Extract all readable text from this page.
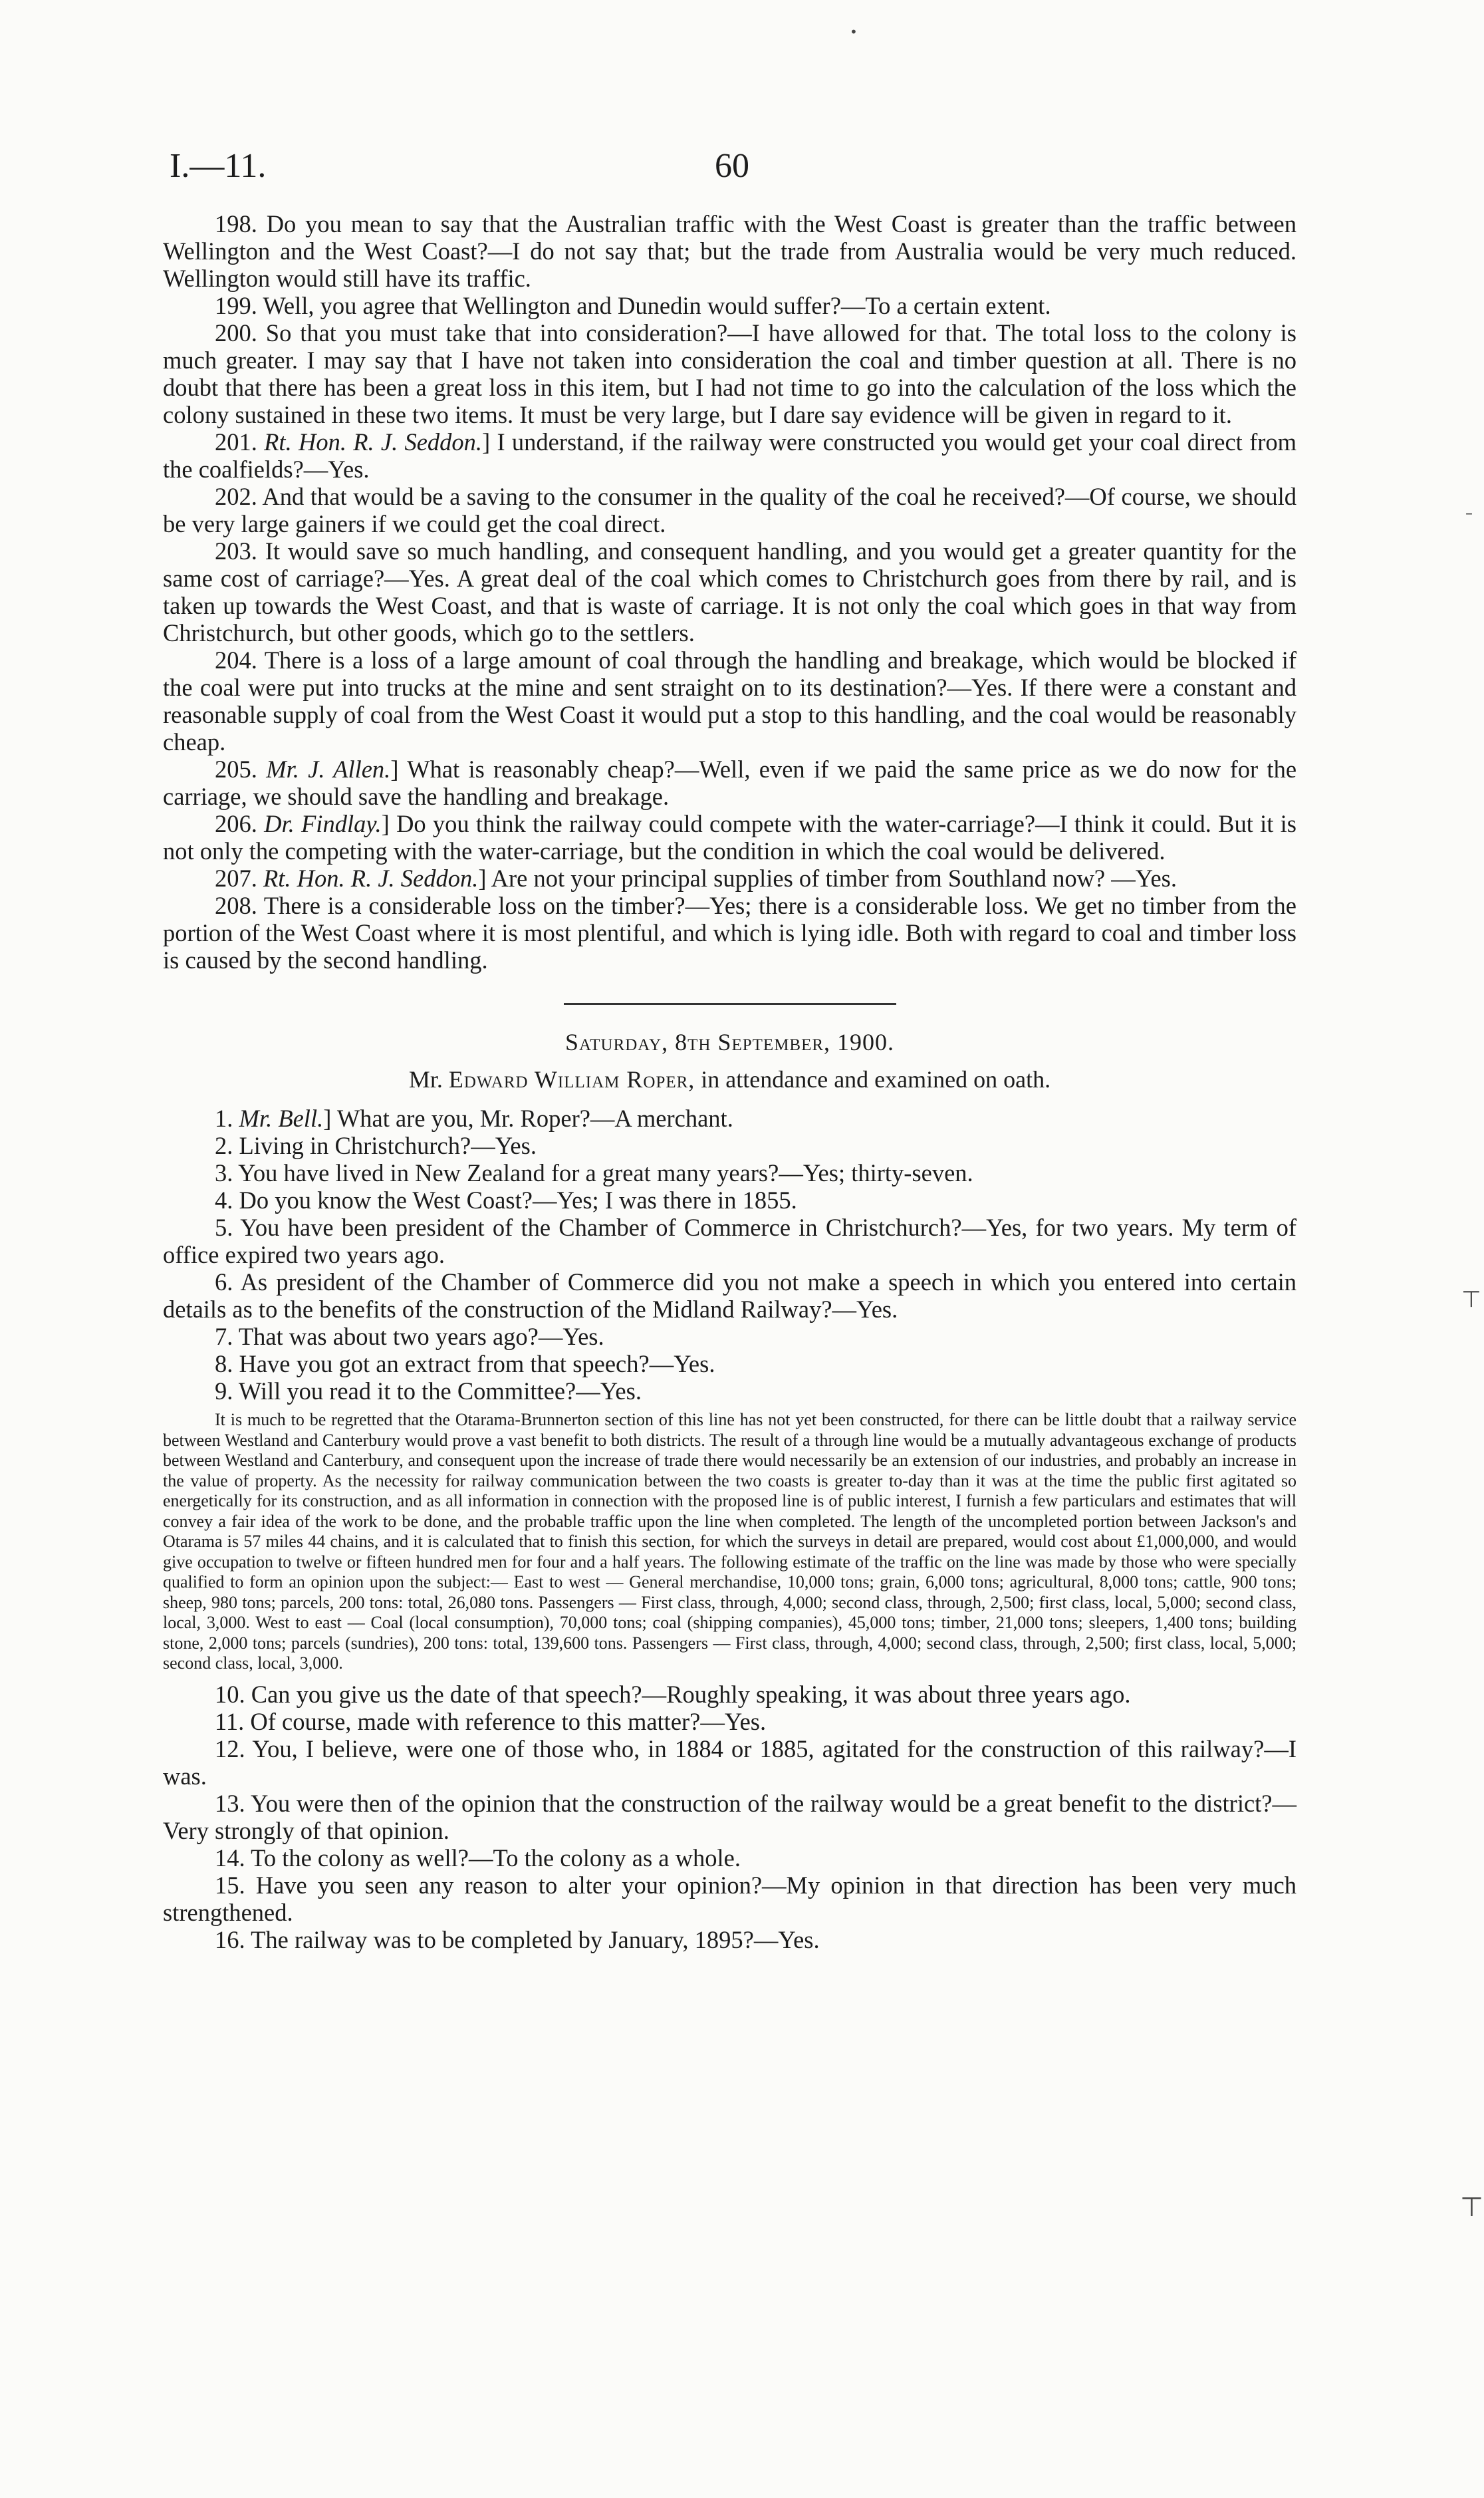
•
I.—11.	60

198. Do you mean to say that the Australian traffic with the West Coast is greater than the traffic between Wellington and the West Coast?—I do not say that; but the trade from Australia would be very much reduced. Wellington would still have its traffic.

199. Well, you agree that Wellington and Dunedin would suffer?—To a certain extent.

200. So that you must take that into consideration?—I have allowed for that. The total loss to the colony is much greater. I may say that I have not taken into consideration the coal and timber question at all. There is no doubt that there has been a great loss in this item, but I had not time to go into the calculation of the loss which the colony sustained in these two items. It must be very large, but I dare say evidence will be given in regard to it.

201. Rt. Hon. R. J. Seddon.] I understand, if the railway were constructed you would get your coal direct from the coalfields?—Yes.

202. And that would be a saving to the consumer in the quality of the coal he received?—Of course, we should be very large gainers if we could get the coal direct.

203. It would save so much handling, and consequent handling, and you would get a greater quantity for the same cost of carriage?—Yes. A great deal of the coal which comes to Christchurch goes from there by rail, and is taken up towards the West Coast, and that is waste of carriage. It is not only the coal which goes in that way from Christchurch, but other goods, which go to the settlers.

204. There is a loss of a large amount of coal through the handling and breakage, which would be blocked if the coal were put into trucks at the mine and sent straight on to its destination?—Yes. If there were a constant and reasonable supply of coal from the West Coast it would put a stop to this handling, and the coal would be reasonably cheap.

205. Mr. J. Allen.] What is reasonably cheap?—Well, even if we paid the same price as we do now for the carriage, we should save the handling and breakage.

206. Dr. Findlay.] Do you think the railway could compete with the water-carriage?—I think it could. But it is not only the competing with the water-carriage, but the condition in which the coal would be delivered.

207. Rt. Hon. R. J. Seddon.] Are not your principal supplies of timber from Southland now? —Yes.

208. There is a considerable loss on the timber?—Yes; there is a considerable loss. We get no timber from the portion of the West Coast where it is most plentiful, and which is lying idle. Both with regard to coal and timber loss is caused by the second handling.

Saturday, 8th September, 1900.

Mr. Edward William Roper, in attendance and examined on oath.

1. Mr. Bell.] What are you, Mr. Roper?—A merchant.

2. Living in Christchurch?—Yes.

3. You have lived in New Zealand for a great many years?—Yes; thirty-seven.

4. Do you know the West Coast?—Yes; I was there in 1855.

5. You have been president of the Chamber of Commerce in Christchurch?—Yes, for two years. My term of office expired two years ago.

6. As president of the Chamber of Commerce did you not make a speech in which you entered into certain details as to the benefits of the construction of the Midland Railway?—Yes.

7. That was about two years ago?—Yes.

8. Have you got an extract from that speech?—Yes.

9. Will you read it to the Committee?—Yes.

It is much to be regretted that the Otarama-Brunnerton section of this line has not yet been constructed, for there can be little doubt that a railway service between Westland and Canterbury would prove a vast benefit to both districts. The result of a through line would be a mutually advantageous exchange of products between Westland and Canterbury, and consequent upon the increase of trade there would necessarily be an extension of our industries, and probably an increase in the value of property. As the necessity for railway communication between the two coasts is greater to-day than it was at the time the public first agitated so energetically for its construction, and as all information in connection with the proposed line is of public interest, I furnish a few particulars and estimates that will convey a fair idea of the work to be done, and the probable traffic upon the line when completed. The length of the uncompleted portion between Jackson's and Otarama is 57 miles 44 chains, and it is calculated that to finish this section, for which the surveys in detail are prepared, would cost about £1,000,000, and would give occupation to twelve or fifteen hundred men for four and a half years. The following estimate of the traffic on the line was made by those who were specially qualified to form an opinion upon the subject:— East to west — General merchandise, 10,000 tons; grain, 6,000 tons; agricultural, 8,000 tons; cattle, 900 tons; sheep, 980 tons; parcels, 200 tons: total, 26,080 tons. Passengers — First class, through, 4,000; second class, through, 2,500; first class, local, 5,000; second class, local, 3,000. West to east — Coal (local consumption), 70,000 tons; coal (shipping companies), 45,000 tons; timber, 21,000 tons; sleepers, 1,400 tons; building stone, 2,000 tons; parcels (sundries), 200 tons: total, 139,600 tons. Passengers — First class, through, 4,000; second class, through, 2,500; first class, local, 5,000; second class, local, 3,000.

10. Can you give us the date of that speech?—Roughly speaking, it was about three years ago.

11. Of course, made with reference to this matter?—Yes.

12. You, I believe, were one of those who, in 1884 or 1885, agitated for the construction of this railway?—I was.

13. You were then of the opinion that the construction of the railway would be a great benefit to the district?—Very strongly of that opinion.

14. To the colony as well?—To the colony as a whole.

15. Have you seen any reason to alter your opinion?—My opinion in that direction has been very much strengthened.

16. The railway was to be completed by January, 1895?—Yes.

⊤
⊤
–
